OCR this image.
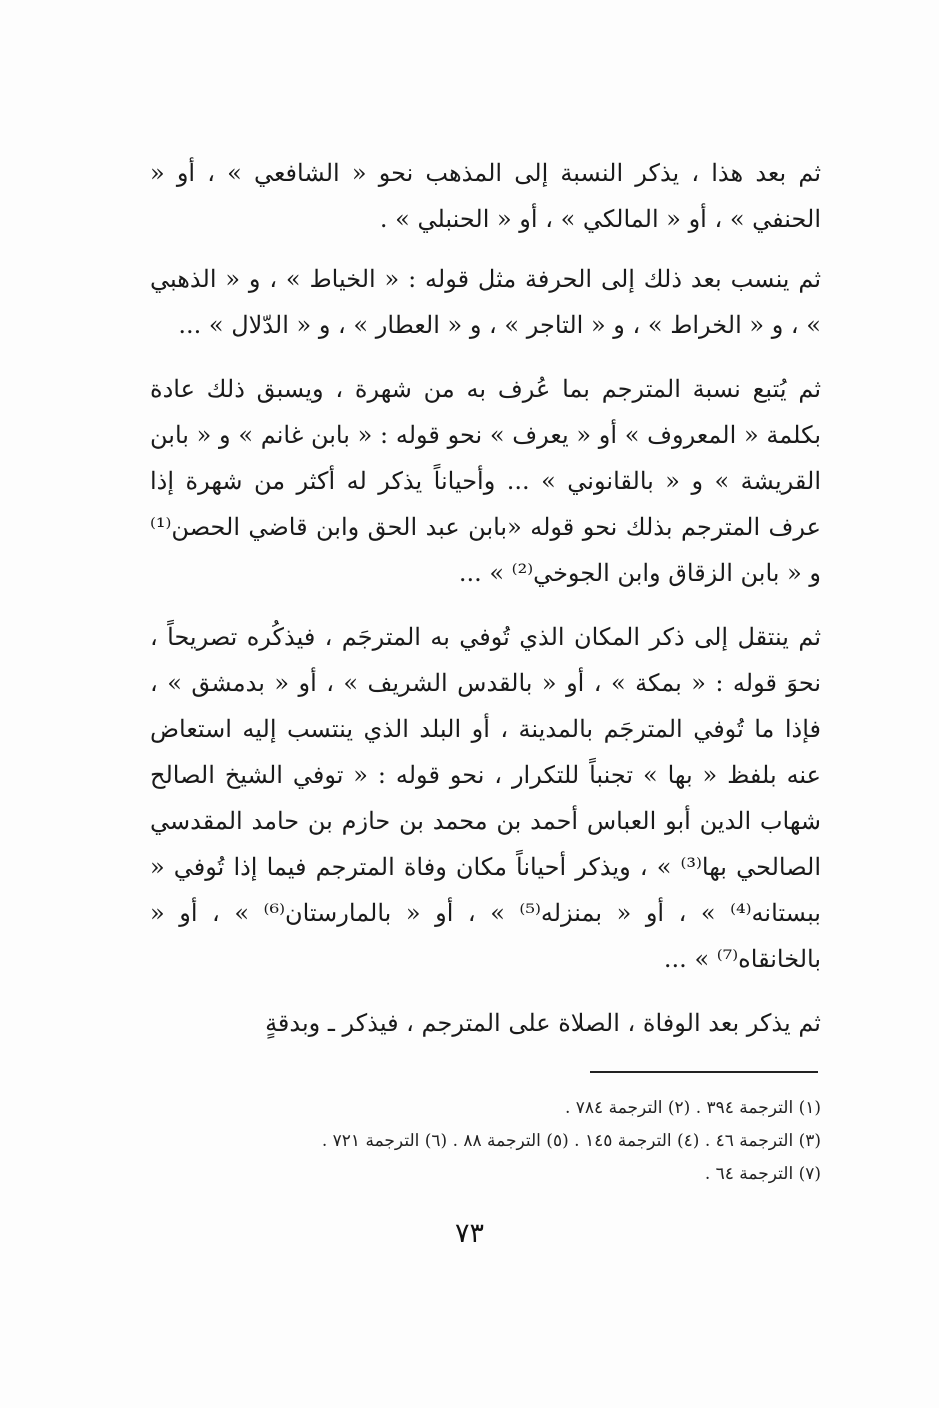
ثم بعد هذا ، يذكر النسبة إلى المذهب نحو « الشافعي » ، أو « الحنفي » ، أو « المالكي » ، أو « الحنبلي » .

ثم ينسب بعد ذلك إلى الحرفة مثل قوله : « الخياط » ، و « الذهبي » ، و « الخراط » ، و « التاجر » ، و « العطار » ، و « الدّلال » ...

ثم يُتبع نسبة المترجم بما عُرف به من شهرة ، ويسبق ذلك عادة بكلمة « المعروف » أو « يعرف » نحو قوله : « بابن غانم » و « بابن القريشة » و « بالقانوني » ... وأحياناً يذكر له أكثر من شهرة إذا عرف المترجم بذلك نحو قوله «بابن عبد الحق وابن قاضي الحصن⁽¹⁾ و « بابن الزقاق وابن الجوخي⁽²⁾ » ...

ثم ينتقل إلى ذكر المكان الذي تُوفي به المترجَم ، فيذكُره تصريحاً ، نحوَ قوله : « بمكة » ، أو « بالقدس الشريف » ، أو « بدمشق » ، فإذا ما تُوفي المترجَم بالمدينة ، أو البلد الذي ينتسب إليه استعاض عنه بلفظ « بها » تجنباً للتكرار ، نحو قوله : « توفي الشيخ الصالح شهاب الدين أبو العباس أحمد بن محمد بن حازم بن حامد المقدسي الصالحي بها⁽³⁾ » ، ويذكر أحياناً مكان وفاة المترجم فيما إذا تُوفي « ببستانه⁽⁴⁾ » ، أو « بمنزله⁽⁵⁾ » ، أو « بالمارستان⁽⁶⁾ » ، أو « بالخانقاه⁽⁷⁾ » ...

ثم يذكر بعد الوفاة ، الصلاة على المترجم ، فيذكر ـ وبدقةٍ

(١) الترجمة ٣٩٤ . (٢) الترجمة ٧٨٤ .
(٣) الترجمة ٤٦ . (٤) الترجمة ١٤٥ . (٥) الترجمة ٨٨ . (٦) الترجمة ٧٢١ .
(٧) الترجمة ٦٤ .
٧٣
